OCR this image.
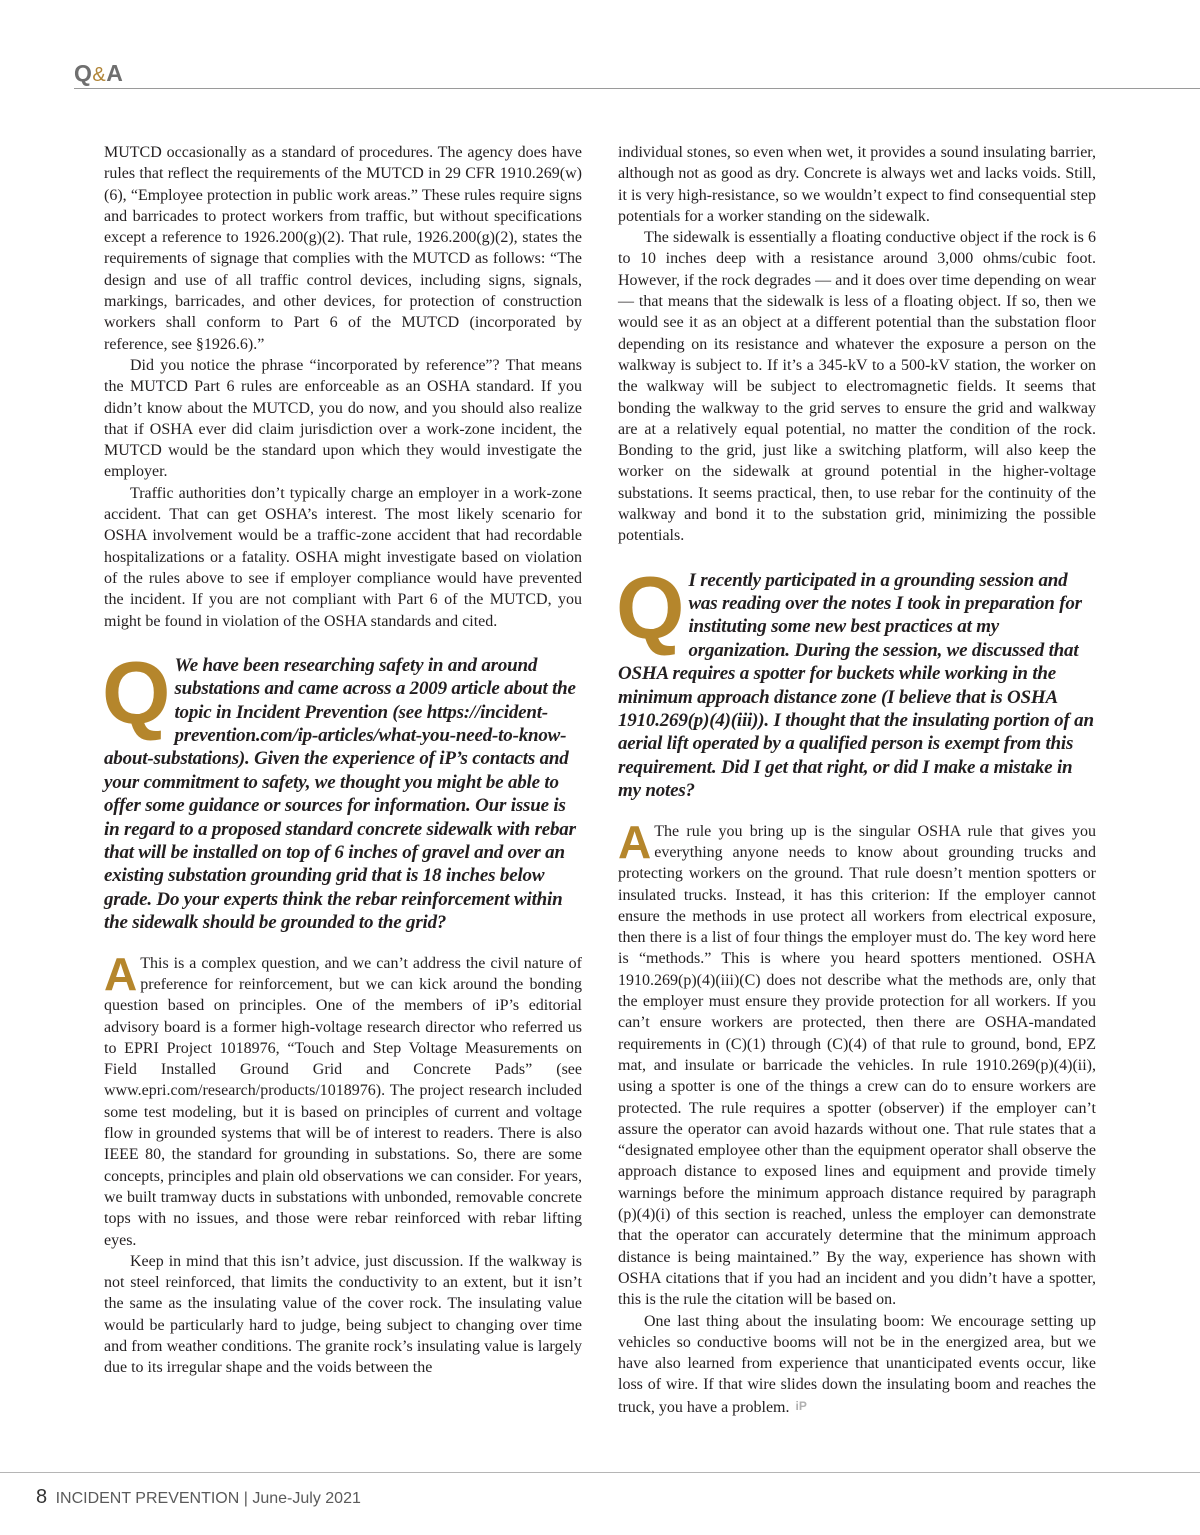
Q&A

MUTCD occasionally as a standard of procedures. The agency does have rules that reflect the requirements of the MUTCD in 29 CFR 1910.269(w)(6), “Employee protection in public work areas.” These rules require signs and barricades to protect workers from traffic, but without specifications except a reference to 1926.200(g)(2). That rule, 1926.200(g)(2), states the requirements of signage that complies with the MUTCD as follows: “The design and use of all traffic control devices, including signs, signals, markings, barricades, and other devices, for protection of construction workers shall conform to Part 6 of the MUTCD (incorporated by reference, see §1926.6).”

Did you notice the phrase “incorporated by reference”? That means the MUTCD Part 6 rules are enforceable as an OSHA standard. If you didn’t know about the MUTCD, you do now, and you should also realize that if OSHA ever did claim jurisdiction over a work-zone incident, the MUTCD would be the standard upon which they would investigate the employer.

Traffic authorities don’t typically charge an employer in a work-zone accident. That can get OSHA’s interest. The most likely scenario for OSHA involvement would be a traffic-zone accident that had recordable hospitalizations or a fatality. OSHA might investigate based on violation of the rules above to see if employer compliance would have prevented the incident. If you are not compliant with Part 6 of the MUTCD, you might be found in violation of the OSHA standards and cited.

Q We have been researching safety in and around substations and came across a 2009 article about the topic in Incident Prevention (see https://incident-prevention.com/ip-articles/what-you-need-to-know-about-substations). Given the experience of iP’s contacts and your commitment to safety, we thought you might be able to offer some guidance or sources for information. Our issue is in regard to a proposed standard concrete sidewalk with rebar that will be installed on top of 6 inches of gravel and over an existing substation grounding grid that is 18 inches below grade. Do your experts think the rebar reinforcement within the sidewalk should be grounded to the grid?

A This is a complex question, and we can’t address the civil nature of preference for reinforcement, but we can kick around the bonding question based on principles. One of the members of iP’s editorial advisory board is a former high-voltage research director who referred us to EPRI Project 1018976, “Touch and Step Voltage Measurements on Field Installed Ground Grid and Concrete Pads” (see www.epri.com/research/products/1018976). The project research included some test modeling, but it is based on principles of current and voltage flow in grounded systems that will be of interest to readers. There is also IEEE 80, the standard for grounding in substations. So, there are some concepts, principles and plain old observations we can consider. For years, we built tramway ducts in substations with unbonded, removable concrete tops with no issues, and those were rebar reinforced with rebar lifting eyes.

Keep in mind that this isn’t advice, just discussion. If the walkway is not steel reinforced, that limits the conductivity to an extent, but it isn’t the same as the insulating value of the cover rock. The insulating value would be particularly hard to judge, being subject to changing over time and from weather conditions. The granite rock’s insulating value is largely due to its irregular shape and the voids between the

individual stones, so even when wet, it provides a sound insulating barrier, although not as good as dry. Concrete is always wet and lacks voids. Still, it is very high-resistance, so we wouldn’t expect to find consequential step potentials for a worker standing on the sidewalk.

The sidewalk is essentially a floating conductive object if the rock is 6 to 10 inches deep with a resistance around 3,000 ohms/cubic foot. However, if the rock degrades — and it does over time depending on wear — that means that the sidewalk is less of a floating object. If so, then we would see it as an object at a different potential than the substation floor depending on its resistance and whatever the exposure a person on the walkway is subject to. If it’s a 345-kV to a 500-kV station, the worker on the walkway will be subject to electromagnetic fields. It seems that bonding the walkway to the grid serves to ensure the grid and walkway are at a relatively equal potential, no matter the condition of the rock. Bonding to the grid, just like a switching platform, will also keep the worker on the sidewalk at ground potential in the higher-voltage substations. It seems practical, then, to use rebar for the continuity of the walkway and bond it to the substation grid, minimizing the possible potentials.

Q I recently participated in a grounding session and was reading over the notes I took in preparation for instituting some new best practices at my organization. During the session, we discussed that OSHA requires a spotter for buckets while working in the minimum approach distance zone (I believe that is OSHA 1910.269(p)(4)(iii)). I thought that the insulating portion of an aerial lift operated by a qualified person is exempt from this requirement. Did I get that right, or did I make a mistake in my notes?

A The rule you bring up is the singular OSHA rule that gives you everything anyone needs to know about grounding trucks and protecting workers on the ground. That rule doesn’t mention spotters or insulated trucks. Instead, it has this criterion: If the employer cannot ensure the methods in use protect all workers from electrical exposure, then there is a list of four things the employer must do. The key word here is “methods.” This is where you heard spotters mentioned. OSHA 1910.269(p)(4)(iii)(C) does not describe what the methods are, only that the employer must ensure they provide protection for all workers. If you can’t ensure workers are protected, then there are OSHA-mandated requirements in (C)(1) through (C)(4) of that rule to ground, bond, EPZ mat, and insulate or barricade the vehicles. In rule 1910.269(p)(4)(ii), using a spotter is one of the things a crew can do to ensure workers are protected. The rule requires a spotter (observer) if the employer can’t assure the operator can avoid hazards without one. That rule states that a “designated employee other than the equipment operator shall observe the approach distance to exposed lines and equipment and provide timely warnings before the minimum approach distance required by paragraph (p)(4)(i) of this section is reached, unless the employer can demonstrate that the operator can accurately determine that the minimum approach distance is being maintained.” By the way, experience has shown with OSHA citations that if you had an incident and you didn’t have a spotter, this is the rule the citation will be based on.

One last thing about the insulating boom: We encourage setting up vehicles so conductive booms will not be in the energized area, but we have also learned from experience that unanticipated events occur, like loss of wire. If that wire slides down the insulating boom and reaches the truck, you have a problem. iP

8 INCIDENT PREVENTION | June-July 2021
